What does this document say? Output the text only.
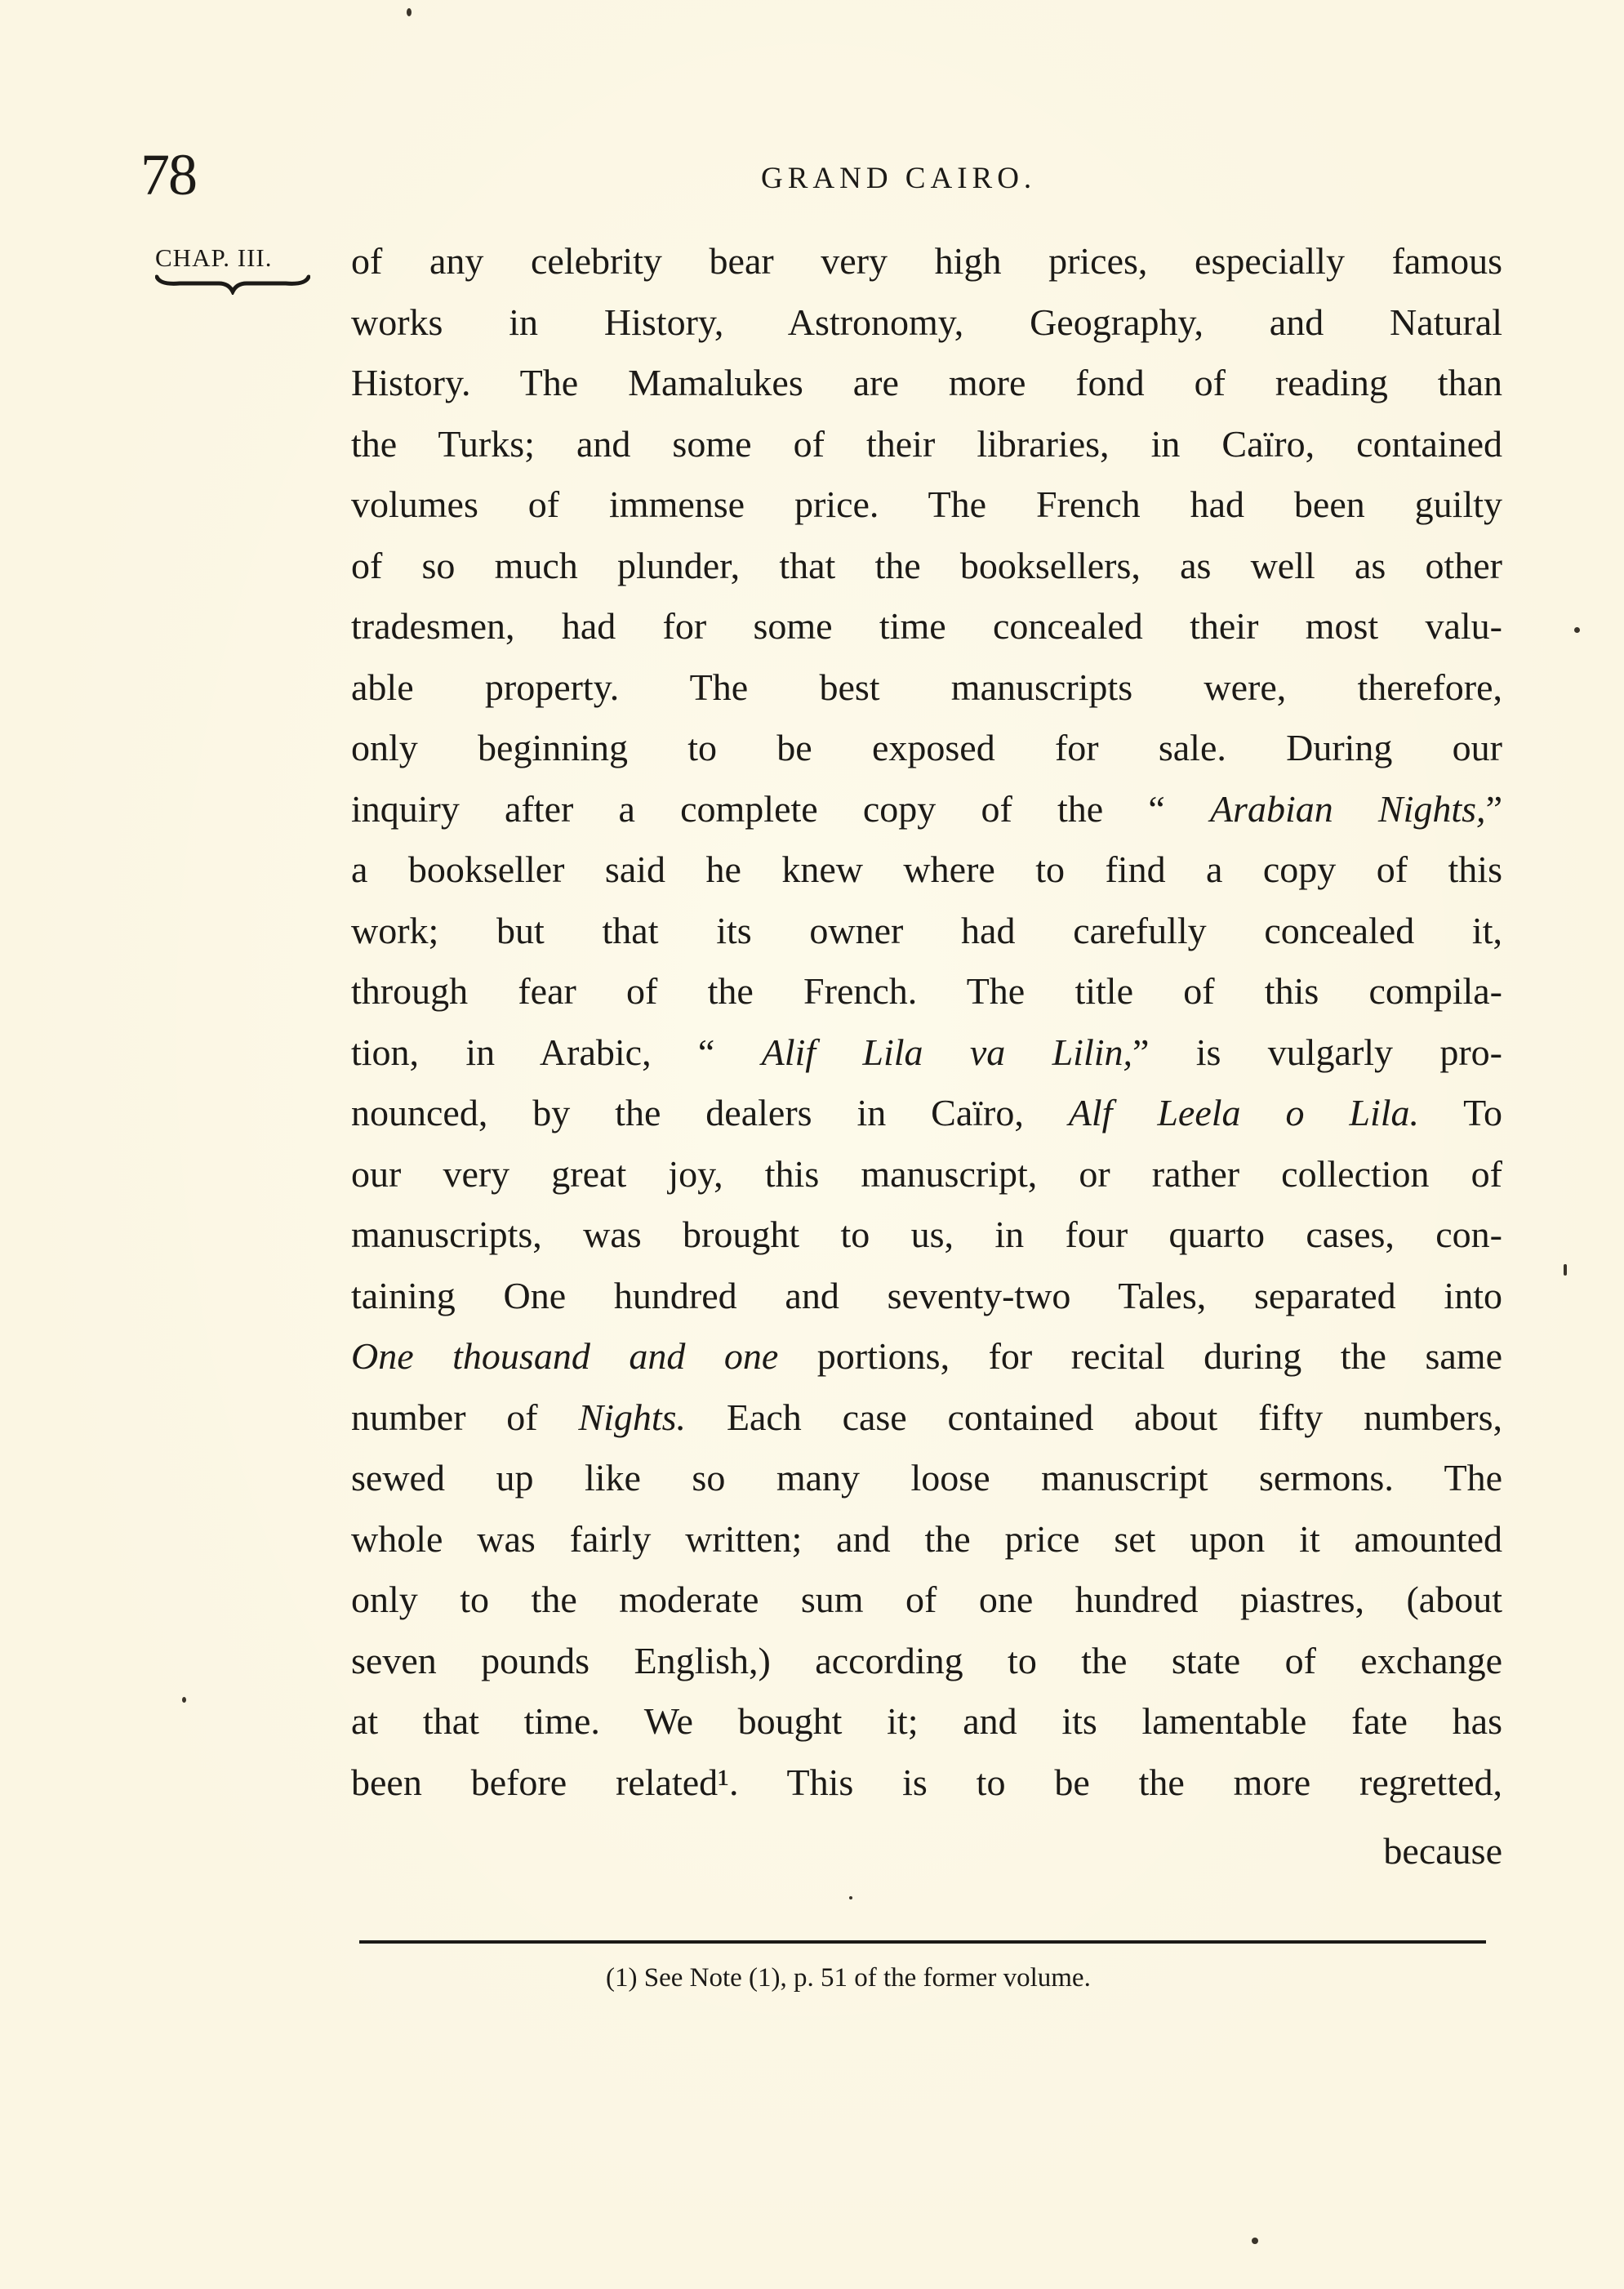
78	GRAND CAIRO.
CHAP. III.	of any celebrity bear very high prices, especially famous
works in History, Astronomy, Geography, and Natural
History. The Mamalukes are more fond of reading than
the Turks; and some of their libraries, in Caïro, contained
volumes of immense price. The French had been guilty
of so much plunder, that the booksellers, as well as other
tradesmen, had for some time concealed their most valu-
able property. The best manuscripts were, therefore,
only beginning to be exposed for sale. During our
inquiry after a complete copy of the “ Arabian Nights,”
a bookseller said he knew where to find a copy of this
work; but that its owner had carefully concealed it,
through fear of the French. The title of this compila-
tion, in Arabic, “ Alif Lila va Lilin,” is vulgarly pro-
nounced, by the dealers in Caïro, Alf Leela o Lila. To
our very great joy, this manuscript, or rather collection of
manuscripts, was brought to us, in four quarto cases, con-
taining One hundred and seventy-two Tales, separated into
One thousand and one portions, for recital during the same
number of Nights. Each case contained about fifty numbers,
sewed up like so many loose manuscript sermons. The
whole was fairly written; and the price set upon it amounted
only to the moderate sum of one hundred piastres, (about
seven pounds English,) according to the state of exchange
at that time. We bought it; and its lamentable fate has
been before related¹. This is to be the more regretted,
because
(1) See Note (1), p. 51 of the former volume.
